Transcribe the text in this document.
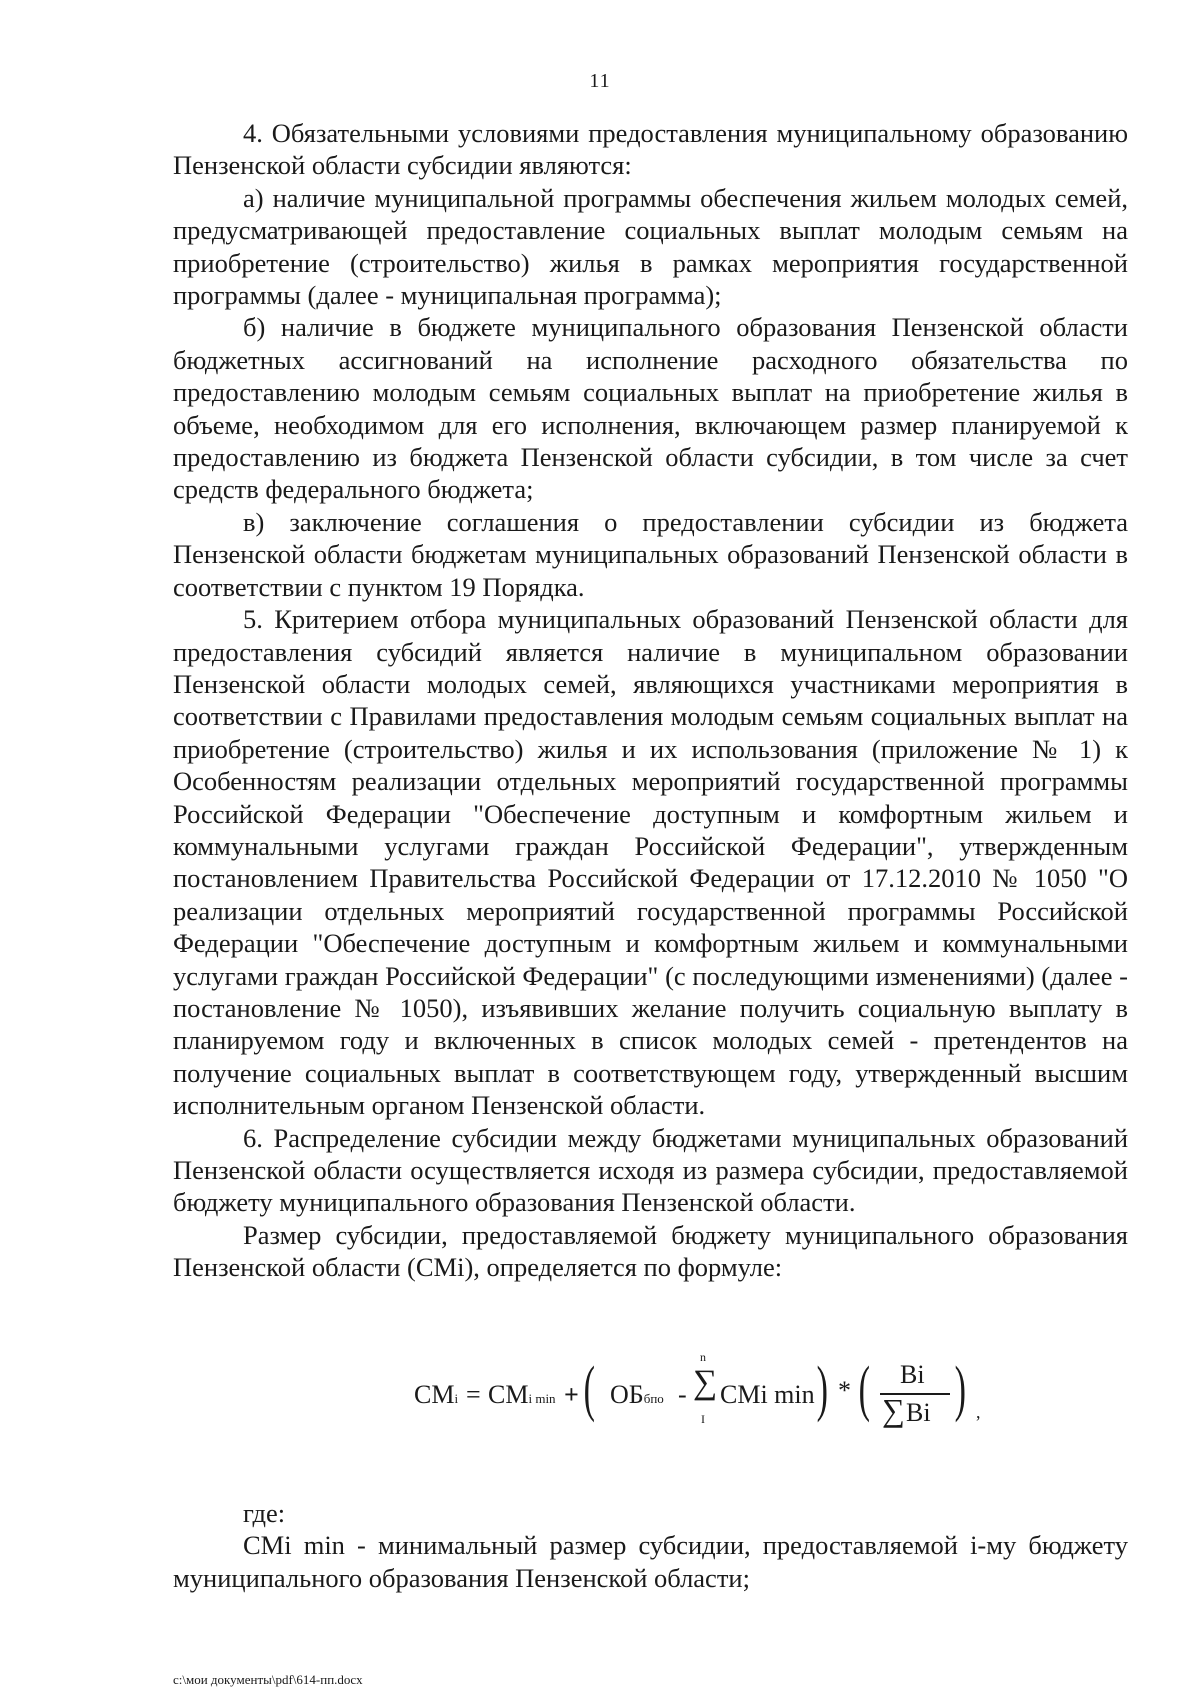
11

4. Обязательными условиями предоставления муниципальному образованию Пензенской области субсидии являются:

а) наличие муниципальной программы обеспечения жильем молодых семей, предусматривающей предоставление социальных выплат молодым семьям на приобретение (строительство) жилья в рамках мероприятия государственной программы (далее - муниципальная программа);

б) наличие в бюджете муниципального образования Пензенской области бюджетных ассигнований на исполнение расходного обязательства по предоставлению молодым семьям социальных выплат на приобретение жилья в объеме, необходимом для его исполнения, включающем размер планируемой к предоставлению из бюджета Пензенской области субсидии, в том числе за счет средств федерального бюджета;

в) заключение соглашения о предоставлении субсидии из бюджета Пензенской области бюджетам муниципальных образований Пензенской области в соответствии с пунктом 19 Порядка.

5. Критерием отбора муниципальных образований Пензенской области для предоставления субсидий является наличие в муниципальном образовании Пензенской области молодых семей, являющихся участниками мероприятия в соответствии с Правилами предоставления молодым семьям социальных выплат на приобретение (строительство) жилья и их использования (приложение № 1) к Особенностям реализации отдельных мероприятий государственной программы Российской Федерации "Обеспечение доступным и комфортным жильем и коммунальными услугами граждан Российской Федерации", утвержденным постановлением Правительства Российской Федерации от 17.12.2010 № 1050 "О реализации отдельных мероприятий государственной программы Российской Федерации "Обеспечение доступным и комфортным жильем и коммунальными услугами граждан Российской Федерации" (с последующими изменениями) (далее - постановление № 1050), изъявивших желание получить социальную выплату в планируемом году и включенных в список молодых семей - претендентов на получение социальных выплат в соответствующем году, утвержденный высшим исполнительным органом Пензенской области.

6. Распределение субсидии между бюджетами муниципальных образований Пензенской области осуществляется исходя из размера субсидии, предоставляемой бюджету муниципального образования Пензенской области.

Размер субсидии, предоставляемой бюджету муниципального образования Пензенской области (СМi), определяется по формуле:

CMi = CMi min + ( ОБбпо -
n
∑
I
CMi min ) * ( Bi
∑ Bi ) ,

где:

СМi min - минимальный размер субсидии, предоставляемой i-му бюджету муниципального образования Пензенской области;

c:\мои документы\pdf\614-пп.docx
